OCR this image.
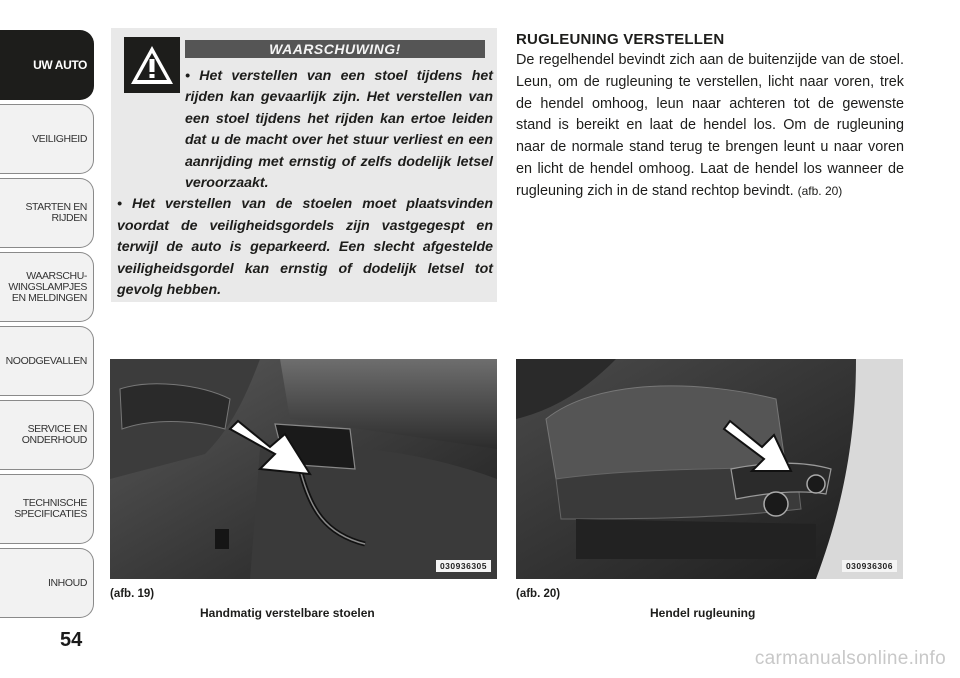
UW AUTO
VEILIGHEID
STARTEN EN
RIJDEN
WAARSCHU-
WINGSLAMPJES
EN MELDINGEN
NOODGEVALLEN
SERVICE EN
ONDERHOUD
TECHNISCHE
SPECIFICATIES
INHOUD
54
WAARSCHUWING!

• Het verstellen van een stoel tijdens het rijden kan gevaarlijk zijn. Het verstellen van een stoel tijdens het rijden kan ertoe leiden dat u de macht over het stuur verliest en een aanrijding met ernstig of zelfs dodelijk letsel veroorzaakt.

• Het verstellen van de stoelen moet plaatsvinden voordat de veiligheidsgordels zijn vastgegespt en terwijl de auto is geparkeerd. Een slecht afgestelde veiligheidsgordel kan ernstig of dodelijk letsel tot gevolg hebben.

RUGLEUNING VERSTELLEN
De regelhendel bevindt zich aan de buitenzijde van de stoel. Leun, om de rugleuning te verstellen, licht naar voren, trek de hendel omhoog, leun naar achteren tot de gewenste stand is bereikt en laat de hendel los. Om de rugleuning naar de normale stand terug te brengen leunt u naar voren en licht de hendel omhoog. Laat de hendel los wanneer de rugleuning zich in de stand rechtop bevindt. (afb. 20)
030936305
(afb. 19)
Handmatig verstelbare stoelen
030936306
(afb. 20)
Hendel rugleuning
carmanualsonline.info
